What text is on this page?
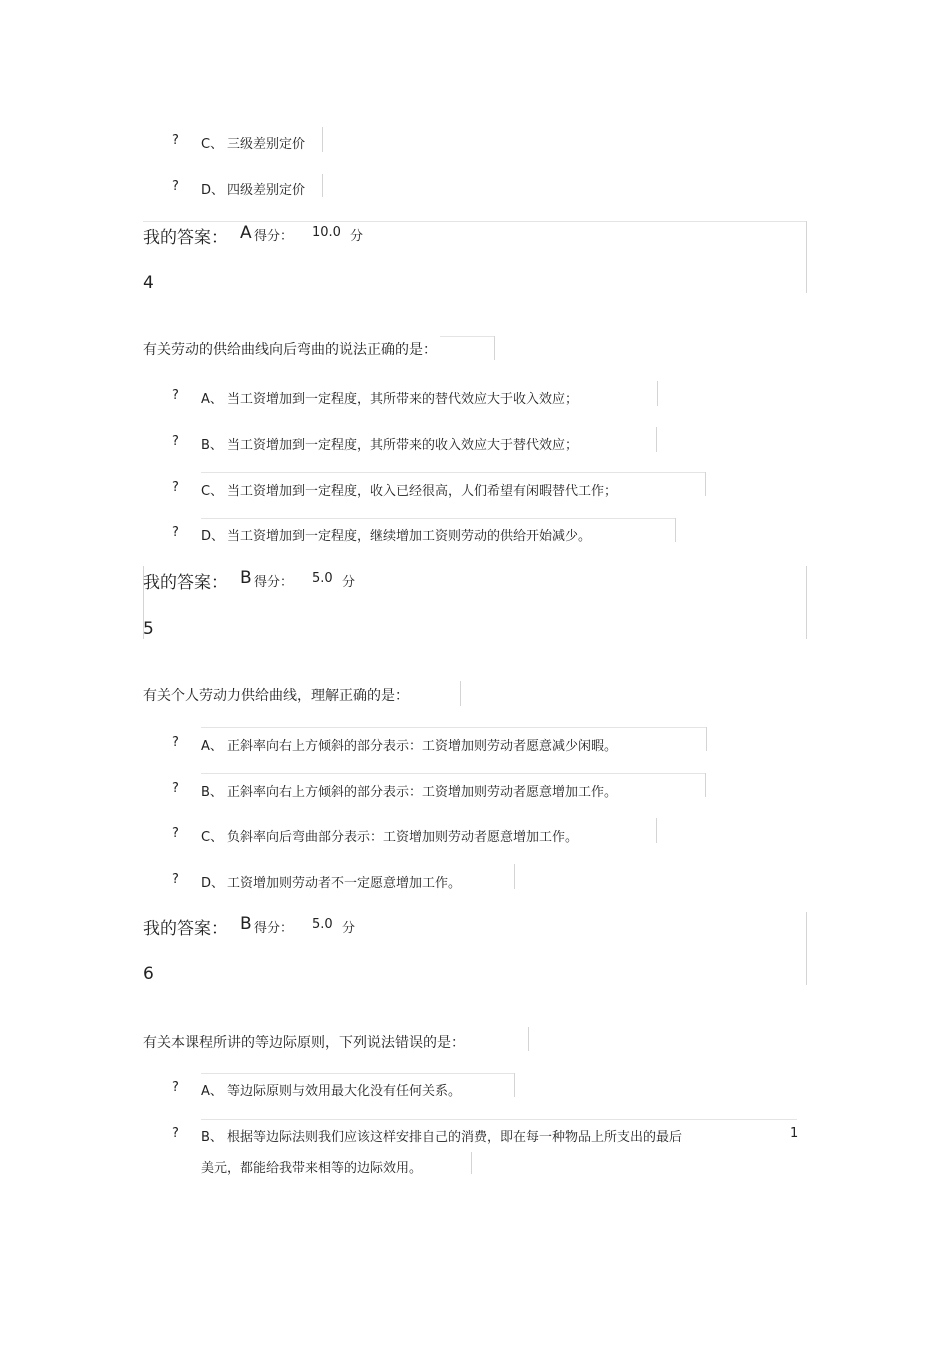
? C、 三级差别定价
? D、 四级差别定价
我的答案： A 得分： 10.0 分
4
有关劳动的供给曲线向后弯曲的说法正确的是：
? A、 当工资增加到一定程度，其所带来的替代效应大于收入效应；
? B、 当工资增加到一定程度，其所带来的收入效应大于替代效应；
? C、 当工资增加到一定程度，收入已经很高，人们希望有闲暇替代工作；
? D、 当工资增加到一定程度，继续增加工资则劳动的供给开始减少。
我的答案： B 得分： 5.0 分
5
有关个人劳动力供给曲线，理解正确的是：
? A、 正斜率向右上方倾斜的部分表示：工资增加则劳动者愿意减少闲暇。
? B、 正斜率向右上方倾斜的部分表示：工资增加则劳动者愿意增加工作。
? C、 负斜率向后弯曲部分表示：工资增加则劳动者愿意增加工作。
? D、 工资增加则劳动者不一定愿意增加工作。
我的答案： B 得分： 5.0 分
6
有关本课程所讲的等边际原则，下列说法错误的是：
? A、 等边际原则与效用最大化没有任何关系。
? B、 根据等边际法则我们应该这样安排自己的消费，即在每一种物品上所支出的最后	1
美元，都能给我带来相等的边际效用。
